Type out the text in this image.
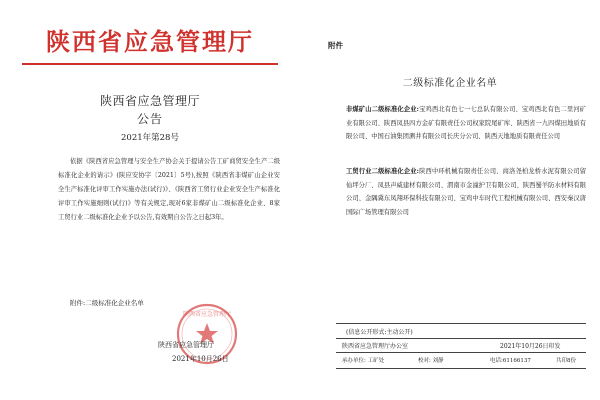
陕西省应急管理厅
陕西省应急管理厅
公告
2021年第28号

依据《陕西省应急管理与安全生产协会关于提请公告工矿商贸安全生产二级标准化企业的请示》(陕应安协字〔2021〕5号),按照《陕西省非煤矿山企业安全生产标准化评审工作实施办法(试行)》、《陕西省工贸行业企业安全生产标准化评审工作实施细则(试行)》等有关规定,现对6家非煤矿山二级标准化企业、8家工贸行业二级标准化企业予以公告,有效期自公告之日起3年。

附件:二级标准化企业名单
陕西省应急管理厅
陕西省应急管理厅
2021年10月26日
附件
二级标准化企业名单
非煤矿山二级标准化企业:宝鸡西北有色七一七总队有限公司、宝鸡西北有色二里河矿业有限公司、陕西凤县四方金矿有限责任公司权家院尾矿库、陕西省一九四煤田地质有限公司、中国石油集团测井有限公司长庆分公司、陕西天地地质有限责任公司
工贸行业二级标准化企业:陕西中环机械有限责任公司、商洛尧柏龙桥水泥有限公司留仙坪分厂、凤县声威建材有限公司、渭南市金潼护卫有限公司、陕西蜀羊防水材料有限公司、金隅冀东凤翔环保科技有限公司、宝鸡中车时代工程机械有限公司、西安秦汉唐国际广场管理有限公司
(信息公开形式:主动公开)
陕西省应急管理厅办公室	2021年10月26日印发
承办单位: 工矿处	校对: 刘静	电话:61166137	共印8份
